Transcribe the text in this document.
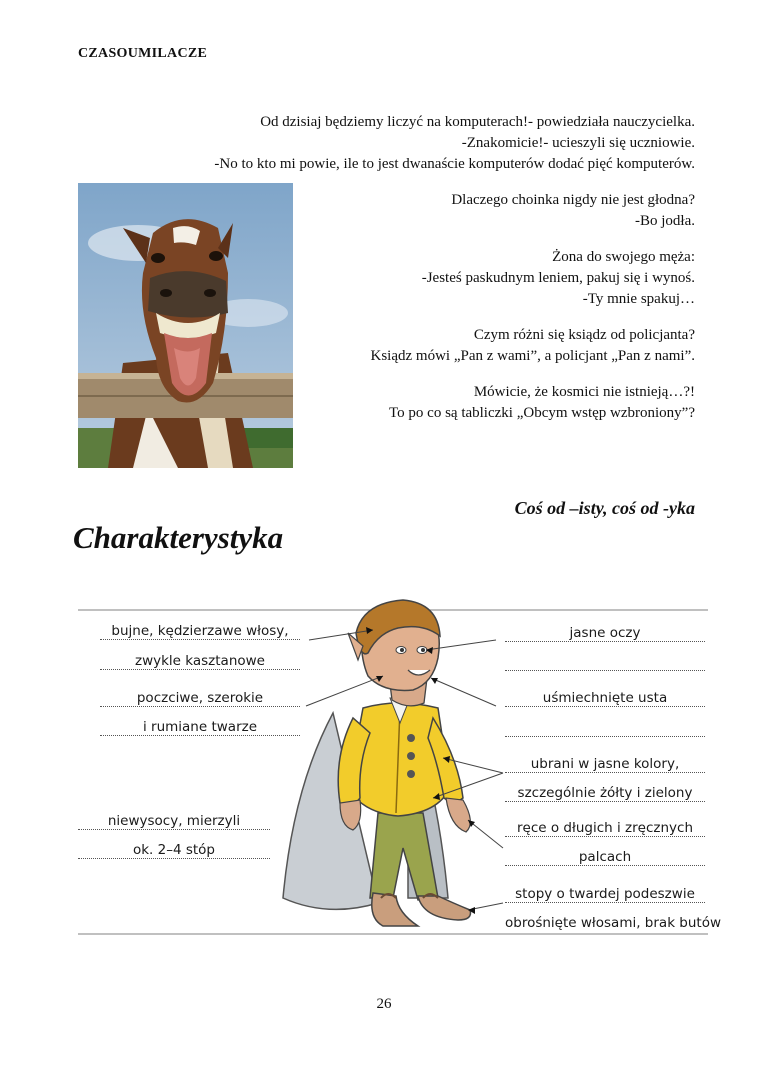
CZASOUMILACZE
Od dzisiaj będziemy liczyć na komputerach!- powiedziała nauczycielka.
-Znakomicie!- ucieszyli się uczniowie.
-No to kto mi powie, ile to jest dwanaście komputerów dodać pięć komputerów.
Dlaczego choinka nigdy nie jest głodna?
-Bo jodła.
Żona do swojego męża:
-Jesteś paskudnym leniem, pakuj się i wynoś.
-Ty mnie spakuj…
Czym różni się ksiądz od policjanta?
Ksiądz mówi „Pan z wami”, a policjant „Pan z nami”.
Mówicie, że kosmici nie istnieją…?!
To po co są tabliczki „Obcym wstęp wzbroniony”?
Coś od –isty, coś od -yka
Charakterystyka
bujne, kędzierzawe włosy,
zwykle kasztanowe
poczciwe, szerokie
i rumiane twarze
niewysocy, mierzyli
ok. 2–4 stóp
jasne oczy
uśmiechnięte usta
ubrani w jasne kolory,
szczególnie żółty i zielony
ręce o długich i zręcznych
palcach
stopy o twardej podeszwie
obrośnięte włosami, brak butów
26
